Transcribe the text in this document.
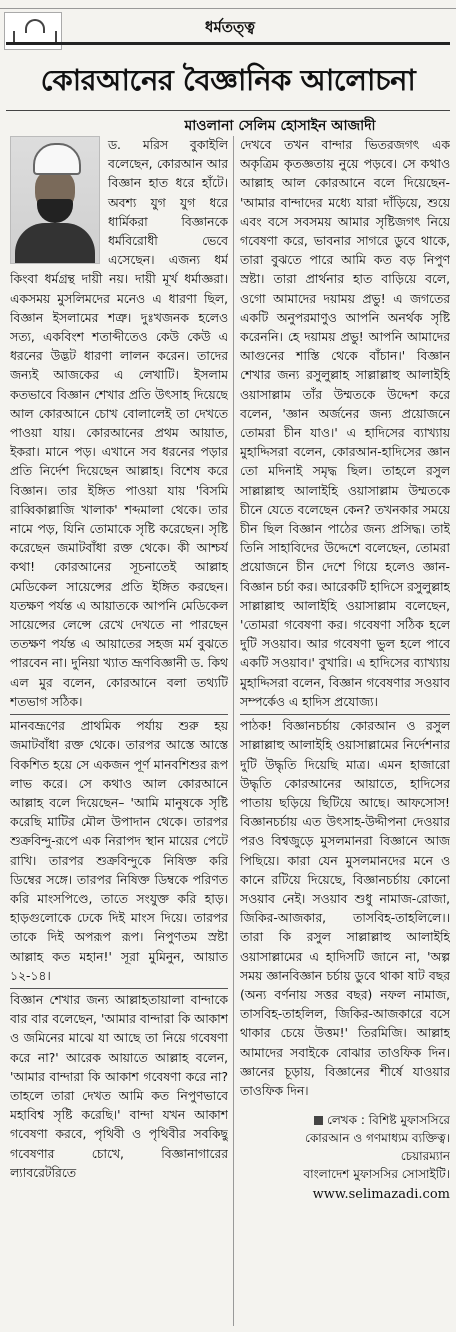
ধর্মতত্ত্ব
কোরআনের বৈজ্ঞানিক আলোচনা
মাওলানা সেলিম হোসাইন আজাদী

ড. মরিস বুকাইলি বলেছেন, কোরআন আর বিজ্ঞান হাত ধরে হাঁটে। অবশ্য যুগ যুগ ধরে ধার্মিকরা বিজ্ঞানকে ধর্মবিরোধী ভেবে এসেছেন। এজন্য ধর্ম কিংবা ধর্মগ্রন্থ দায়ী নয়। দায়ী মূর্খ ধর্মাজ্ঞরা। একসময় মুসলিমদের মনেও এ ধারণা ছিল, বিজ্ঞান ইসলামের শত্রু। দুঃখজনক হলেও সত্য, একবিংশ শতাব্দীতেও কেউ কেউ এ ধরনের উদ্ভট ধারণা লালন করেন। তাদের জন্যই আজকের এ লেখাটি। ইসলাম কতভাবে বিজ্ঞান শেখার প্রতি উৎসাহ দিয়েছে আল কোরআনে চোখ বোলালেই তা দেখতে পাওয়া যায়। কোরআনের প্রথম আয়াত, ইকরা। মানে পড়। এখানে সব ধরনের পড়ার প্রতি নির্দেশ দিয়েছেন আল্লাহ। বিশেষ করে বিজ্ঞান। তার ইঙ্গিত পাওয়া যায় 'বিসমি রাব্বিকাল্লাজি খালাক' শব্দমালা থেকে। তার নামে পড়, যিনি তোমাকে সৃষ্টি করেছেন। সৃষ্টি করেছেন জমাটবাঁধা রক্ত থেকে। কী আশ্চর্য কথা! কোরআনের সূচনাতেই আল্লাহ মেডিকেল সায়েন্সের প্রতি ইঙ্গিত করছেন। যতক্ষণ পর্যন্ত এ আয়াতকে আপনি মেডিকেল সায়েন্সের লেন্সে রেখে দেখতে না পারছেন ততক্ষণ পর্যন্ত এ আয়াতের সহজ মর্ম বুঝতে পারবেন না। দুনিয়া খ্যাত ভ্রূণবিজ্ঞানী ড. কিথ এল মুর বলেন, কোরআনে বলা তথ্যটি শতভাগ সঠিক।

মানবভ্রূণের প্রাথমিক পর্যায় শুরু হয় জমাটবাঁধা রক্ত থেকে। তারপর আস্তে আস্তে বিকশিত হয়ে সে একজন পূর্ণ মানবশিশুর রূপ লাভ করে। সে কথাও আল কোরআনে আল্লাহ বলে দিয়েছেন– 'আমি মানুষকে সৃষ্টি করেছি মাটির মৌল উপাদান থেকে। তারপর শুক্রবিন্দু-রূপে এক নিরাপদ স্থান মায়ের পেটে রাখি। তারপর শুক্রবিন্দুকে নিষিক্ত করি ডিম্বের সঙ্গে। তারপর নিষিক্ত ডিম্বকে পরিণত করি মাংসপিণ্ডে, তাতে সংযুক্ত করি হাড়। হাড়গুলোকে ঢেকে দিই মাংস দিয়ে। তারপর তাকে দিই অপরূপ রূপ। নিপুণতম স্রষ্টা আল্লাহ কত মহান!' সূরা মুমিনুন, আয়াত ১২-১৪।

বিজ্ঞান শেখার জন্য আল্লাহতায়ালা বান্দাকে বার বার বলেছেন, 'আমার বান্দারা কি আকাশ ও জমিনের মাঝে যা আছে তা নিয়ে গবেষণা করে না?' আরেক আয়াতে আল্লাহ বলেন, 'আমার বান্দারা কি আকাশ গবেষণা করে না? তাহলে তারা দেখত আমি কত নিপুণভাবে মহাবিশ্ব সৃষ্টি করেছি।' বান্দা যখন আকাশ গবেষণা করবে, পৃথিবী ও পৃথিবীর সবকিছু গবেষণার চোখে, বিজ্ঞানাগারের ল্যাবরেটরিতে

দেখবে তখন বান্দার ভিতরজগৎ এক অকৃত্রিম কৃতজ্ঞতায় নুয়ে পড়বে। সে কথাও আল্লাহ আল কোরআনে বলে দিয়েছেন- 'আমার বান্দাদের মধ্যে যারা দাঁড়িয়ে, শুয়ে এবং বসে সবসময় আমার সৃষ্টিজগৎ নিয়ে গবেষণা করে, ভাবনার সাগরে ডুবে থাকে, তারা বুঝতে পারে আমি কত বড় নিপুণ স্রষ্টা। তারা প্রার্থনার হাত বাড়িয়ে বলে, ওগো আমাদের দয়াময় প্রভু! এ জগতের একটি অনুপরমাণুও আপনি অনর্থক সৃষ্টি করেননি। হে দয়াময় প্রভু! আপনি আমাদের আগুনের শাস্তি থেকে বাঁচান।' বিজ্ঞান শেখার জন্য রসুলুল্লাহ সাল্লাল্লাহু আলাইহি ওয়াসাল্লাম তাঁর উম্মতকে উদ্দেশ করে বলেন, 'জ্ঞান অর্জনের জন্য প্রয়োজনে তোমরা চীন যাও।' এ হাদিসের ব্যাখ্যায় মুহাদ্দিসরা বলেন, কোরআন-হাদিসের জ্ঞান তো মদিনাই সমৃদ্ধ ছিল। তাহলে রসুল সাল্লাল্লাহু আলাইহি ওয়াসাল্লাম উম্মতকে চীনে যেতে বলেছেন কেন? তখনকার সময়ে চীন ছিল বিজ্ঞান পাঠের জন্য প্রসিদ্ধ। তাই তিনি সাহাবিদের উদ্দেশে বলেছেন, তোমরা প্রয়োজনে চীন দেশে গিয়ে হলেও জ্ঞান-বিজ্ঞান চর্চা কর। আরেকটি হাদিসে রসুলুল্লাহ সাল্লাল্লাহু আলাইহি ওয়াসাল্লাম বলেছেন, 'তোমরা গবেষণা কর। গবেষণা সঠিক হলে দুটি সওয়াব। আর গবেষণা ভুল হলে পাবে একটি সওয়াব।' বুখারি। এ হাদিসের ব্যাখ্যায় মুহাদ্দিসরা বলেন, বিজ্ঞান গবেষণার সওয়াব সম্পর্কেও এ হাদিস প্রযোজ্য।

পাঠক! বিজ্ঞানচর্চায় কোরআন ও রসুল সাল্লাল্লাহু আলাইহি ওয়াসাল্লামের নির্দেশনার দুটি উদ্ধৃতি দিয়েছি মাত্র। এমন হাজারো উদ্ধৃতি কোরআনের আয়াতে, হাদিসের পাতায় ছড়িয়ে ছিটিয়ে আছে। আফসোস! বিজ্ঞানচর্চায় এত উৎসাহ-উদ্দীপনা দেওয়ার পরও বিশ্বজুড়ে মুসলমানরা বিজ্ঞানে আজ পিছিয়ে। কারা যেন মুসলমানদের মনে ও কানে রটিয়ে দিয়েছে, বিজ্ঞানচর্চায় কোনো সওয়াব নেই। সওয়াব শুধু নামাজ-রোজা, জিকির-আজকার, তাসবিহ-তাহলিলে।। তারা কি রসুল সাল্লাল্লাহু আলাইহি ওয়াসাল্লামের এ হাদিসটি জানে না, 'অল্প সময় জ্ঞানবিজ্ঞান চর্চায় ডুবে থাকা ষাট বছর (অন্য বর্ণনায় সত্তর বছর) নফল নামাজ, তাসবিহ-তাহলিল, জিকির-আজকারে বসে থাকার চেয়ে উত্তম!' তিরমিজি। আল্লাহ আমাদের সবাইকে বোঝার তাওফিক দিন। জ্ঞানের চূড়ায়, বিজ্ঞানের শীর্ষে যাওয়ার তাওফিক দিন।

লেখক : বিশিষ্ট মুফাসসিরে
কোরআন ও গণমাধ্যম ব্যক্তিত্ব।
চেয়ারম্যান
বাংলাদেশ মুফাসসির সোসাইটি।
www.selimazadi.com
